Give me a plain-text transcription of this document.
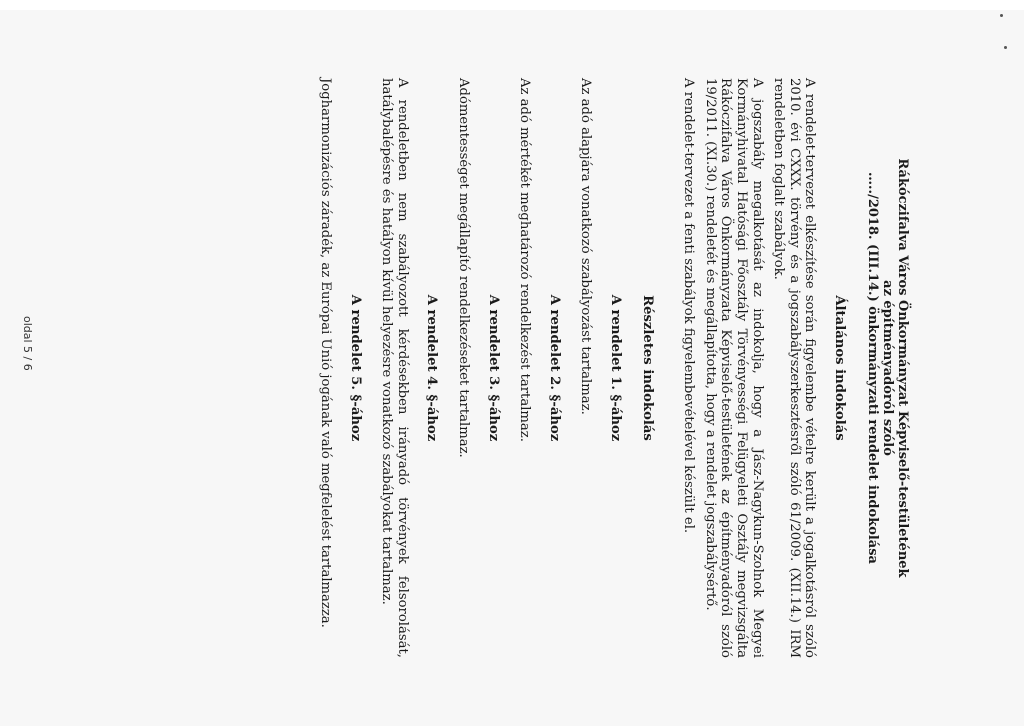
Rákóczifalva Város Önkormányzat Képviselő-testületének
az építményadóról szóló
…../2018. (III.14.) önkormányzati rendelet indokolása
Általános indokolás

A rendelet-tervezet elkészítése során figyelembe vételre került a jogalkotásról szóló 2010. évi CXXX. törvény és a jogszabályszerkesztésről szóló 61/2009. (XII.14.) IRM rendeletben foglalt szabályok.

A jogszabály megalkotását az indokolja, hogy a Jász-Nagykun-Szolnok Megyei Kormányhivatal Hatósági Főosztály Törvényességi Felügyeleti Osztály megvizsgálta Rákóczifalva Város Önkormányzata Képviselő-testületének az építményadóról szóló 19/2011. (XI.30.) rendeletét és megállapította, hogy a rendelet jogszabálysértő.

A rendelet-tervezet a fenti szabályok figyelembevételével készült el.

Részletes indokolás
A rendelet 1. §-ához

Az adó alapjára vonatkozó szabályozást tartalmaz.

A rendelet 2. §-ához

Az adó mértékét meghatározó rendelkezést tartalmaz.

A rendelet 3. §-ához

Adómentességet megállapító rendelkezéseket tartalmaz.

A rendelet 4. §-ához

A rendeletben nem szabályozott kérdésekben irányadó törvények felsorolását, hatálybalépésre és hatályon kívül helyezésre vonatkozó szabályokat tartalmaz.

A rendelet 5. §-ához

Jogharmonizációs záradék, az Európai Unió jogának való megfelelést tartalmazza.

oldal 5 / 6
